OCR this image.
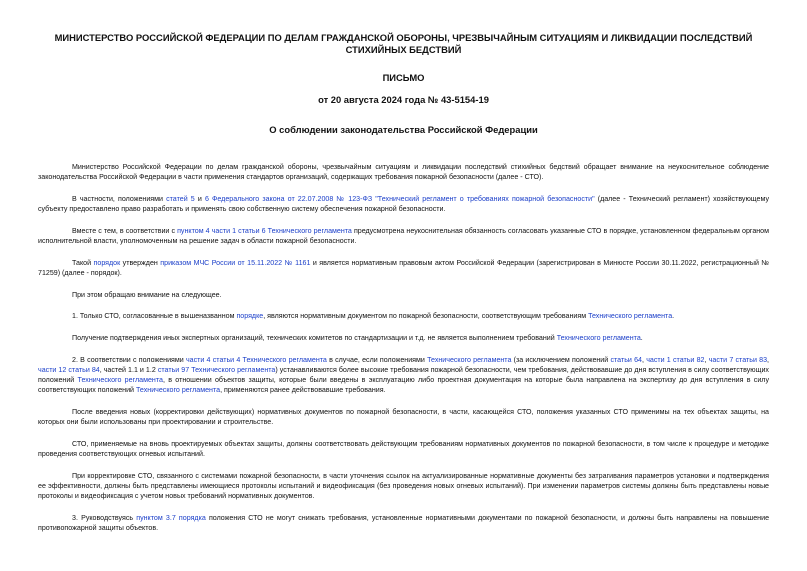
МИНИСТЕРСТВО РОССИЙСКОЙ ФЕДЕРАЦИИ ПО ДЕЛАМ ГРАЖДАНСКОЙ ОБОРОНЫ, ЧРЕЗВЫЧАЙНЫМ СИТУАЦИЯМ И ЛИКВИДАЦИИ ПОСЛЕДСТВИЙ СТИХИЙНЫХ БЕДСТВИЙ
ПИСЬМО
от 20 августа 2024 года № 43-5154-19
О соблюдении законодательства Российской Федерации

Министерство Российской Федерации по делам гражданской обороны, чрезвычайным ситуациям и ликвидации последствий стихийных бедствий обращает внимание на неукоснительное соблюдение законодательства Российской Федерации в части применения стандартов организаций, содержащих требования пожарной безопасности (далее - СТО).

В частности, положениями статей 5 и 6 Федерального закона от 22.07.2008 № 123-ФЗ "Технический регламент о требованиях пожарной безопасности" (далее - Технический регламент) хозяйствующему субъекту предоставлено право разработать и применять свою собственную систему обеспечения пожарной безопасности.

Вместе с тем, в соответствии с пунктом 4 части 1 статьи 6 Технического регламента предусмотрена неукоснительная обязанность согласовать указанные СТО в порядке, установленном федеральным органом исполнительной власти, уполномоченным на решение задач в области пожарной безопасности.

Такой порядок утвержден приказом МЧС России от 15.11.2022 № 1161 и является нормативным правовым актом Российской Федерации (зарегистрирован в Минюсте России 30.11.2022, регистрационный № 71259) (далее - порядок).

При этом обращаю внимание на следующее.

1. Только СТО, согласованные в вышеназванном порядке, являются нормативным документом по пожарной безопасности, соответствующим требованиям Технического регламента.

Получение подтверждения иных экспертных организаций, технических комитетов по стандартизации и т.д. не является выполнением требований Технического регламента.

2. В соответствии с положениями части 4 статьи 4 Технического регламента в случае, если положениями Технического регламента (за исключением положений статьи 64, части 1 статьи 82, части 7 статьи 83, части 12 статьи 84, частей 1.1 и 1.2 статьи 97 Технического регламента) устанавливаются более высокие требования пожарной безопасности, чем требования, действовавшие до дня вступления в силу соответствующих положений Технического регламента, в отношении объектов защиты, которые были введены в эксплуатацию либо проектная документация на которые была направлена на экспертизу до дня вступления в силу соответствующих положений Технического регламента, применяются ранее действовавшие требования.

После введения новых (корректировки действующих) нормативных документов по пожарной безопасности, в части, касающейся СТО, положения указанных СТО применимы на тех объектах защиты, на которых они были использованы при проектировании и строительстве.

СТО, применяемые на вновь проектируемых объектах защиты, должны соответствовать действующим требованиям нормативных документов по пожарной безопасности, в том числе к процедуре и методике проведения соответствующих огневых испытаний.

При корректировке СТО, связанного с системами пожарной безопасности, в части уточнения ссылок на актуализированные нормативные документы без затрагивания параметров установки и подтверждения ее эффективности, должны быть представлены имеющиеся протоколы испытаний и видеофиксация (без проведения новых огневых испытаний). При изменении параметров системы должны быть представлены новые протоколы и видеофиксация с учетом новых требований нормативных документов.

3. Руководствуясь пунктом 3.7 порядка положения СТО не могут снижать требования, установленные нормативными документами по пожарной безопасности, и должны быть направлены на повышение противопожарной защиты объектов.
